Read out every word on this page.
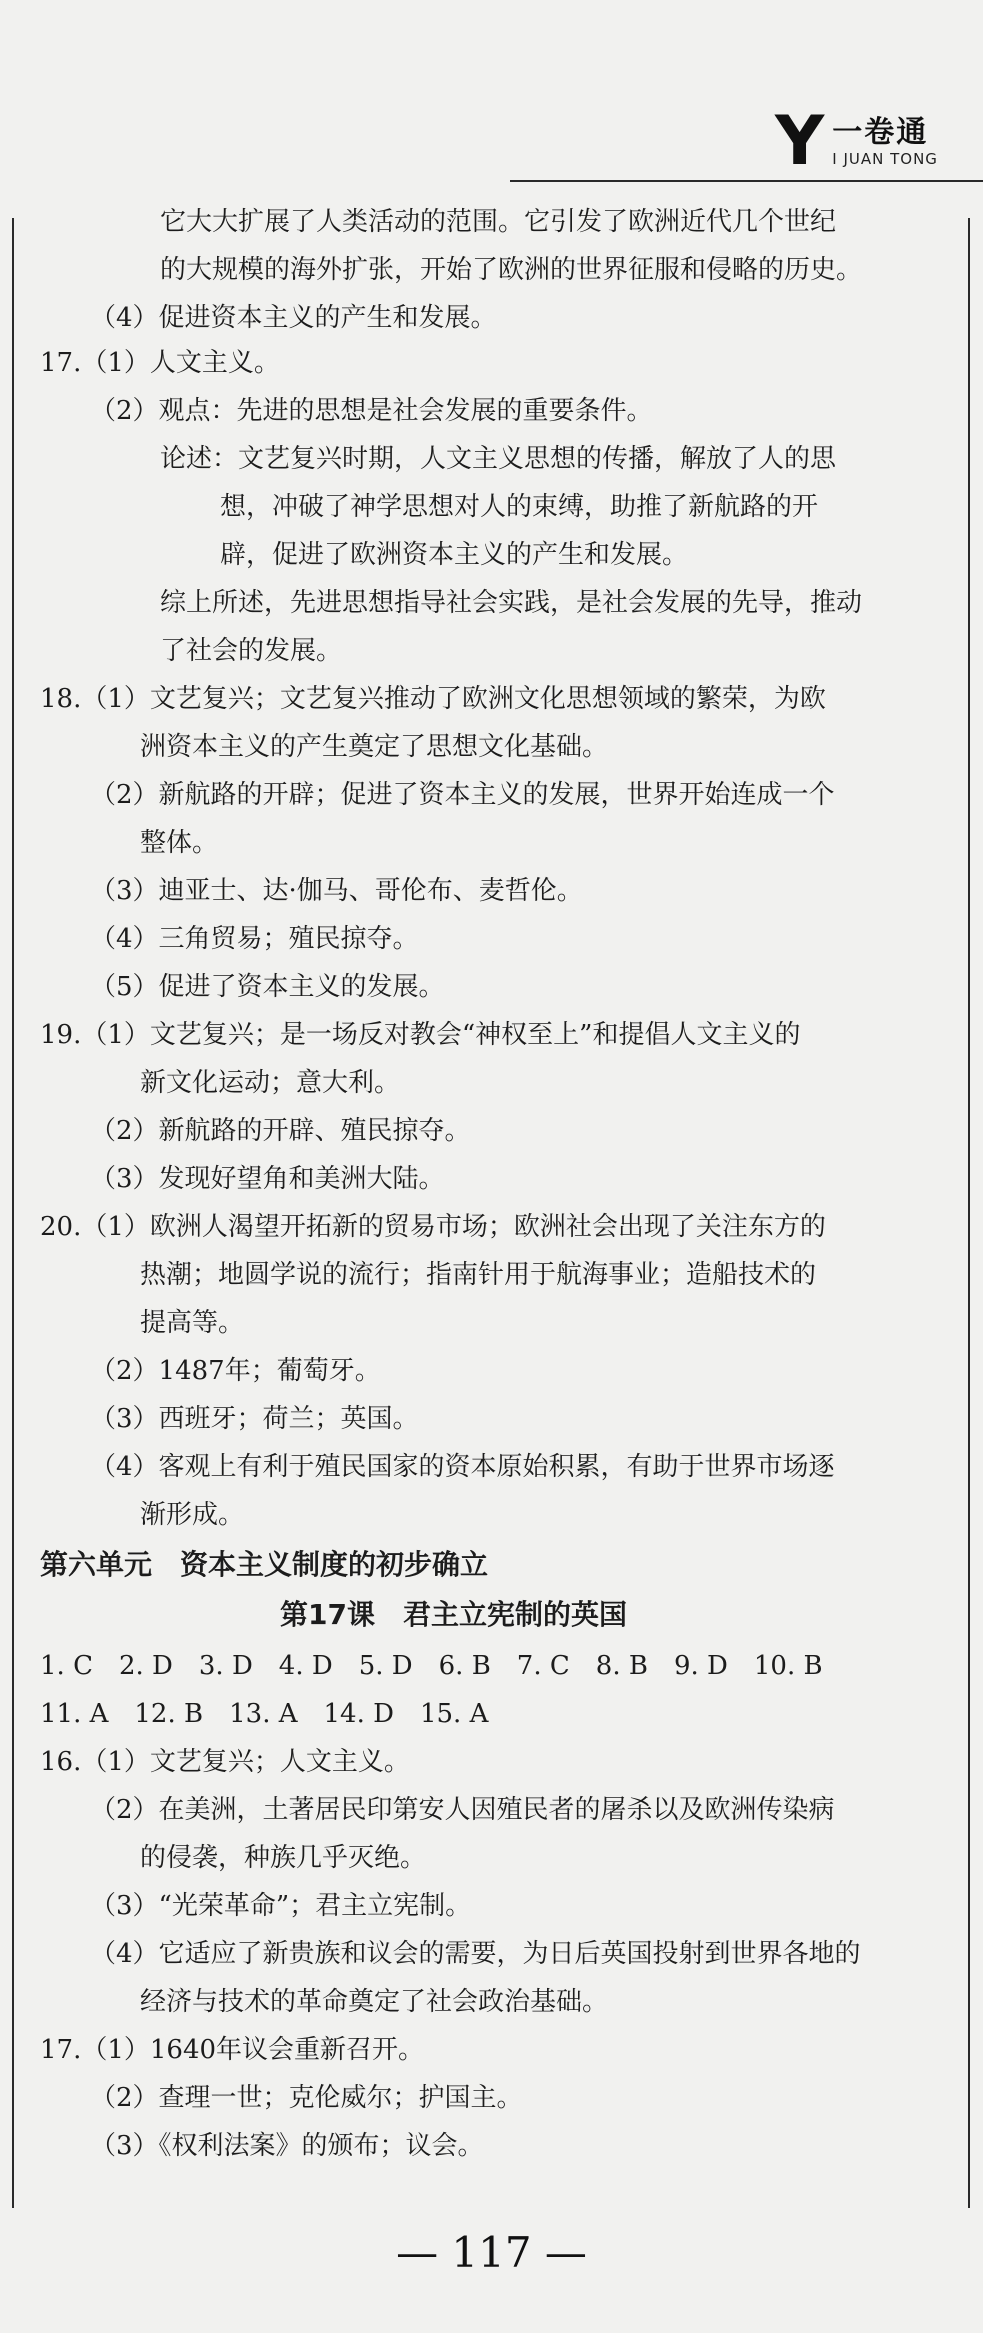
Y 一卷通
I JUAN TONG
它大大扩展了人类活动的范围。它引发了欧洲近代几个世纪
的大规模的海外扩张，开始了欧洲的世界征服和侵略的历史。
（4）促进资本主义的产生和发展。
17.（1）人文主义。
（2）观点：先进的思想是社会发展的重要条件。
论述：文艺复兴时期，人文主义思想的传播，解放了人的思
想，冲破了神学思想对人的束缚，助推了新航路的开
辟，促进了欧洲资本主义的产生和发展。
综上所述，先进思想指导社会实践，是社会发展的先导，推动
了社会的发展。
18.（1）文艺复兴；文艺复兴推动了欧洲文化思想领域的繁荣，为欧
洲资本主义的产生奠定了思想文化基础。
（2）新航路的开辟；促进了资本主义的发展，世界开始连成一个
整体。
（3）迪亚士、达·伽马、哥伦布、麦哲伦。
（4）三角贸易；殖民掠夺。
（5）促进了资本主义的发展。
19.（1）文艺复兴；是一场反对教会“神权至上”和提倡人文主义的
新文化运动；意大利。
（2）新航路的开辟、殖民掠夺。
（3）发现好望角和美洲大陆。
20.（1）欧洲人渴望开拓新的贸易市场；欧洲社会出现了关注东方的
热潮；地圆学说的流行；指南针用于航海事业；造船技术的
提高等。
（2）1487年；葡萄牙。
（3）西班牙；荷兰；英国。
（4）客观上有利于殖民国家的资本原始积累，有助于世界市场逐
渐形成。
第六单元　资本主义制度的初步确立
第17课　君主立宪制的英国
1. C　2. D　3. D　4. D　5. D　6. B　7. C　8. B　9. D　10. B
11. A　12. B　13. A　14. D　15. A
16.（1）文艺复兴；人文主义。
（2）在美洲，土著居民印第安人因殖民者的屠杀以及欧洲传染病
的侵袭，种族几乎灭绝。
（3）“光荣革命”；君主立宪制。
（4）它适应了新贵族和议会的需要，为日后英国投射到世界各地的
经济与技术的革命奠定了社会政治基础。
17.（1）1640年议会重新召开。
（2）查理一世；克伦威尔；护国主。
（3）《权利法案》的颁布；议会。
— 117 —
